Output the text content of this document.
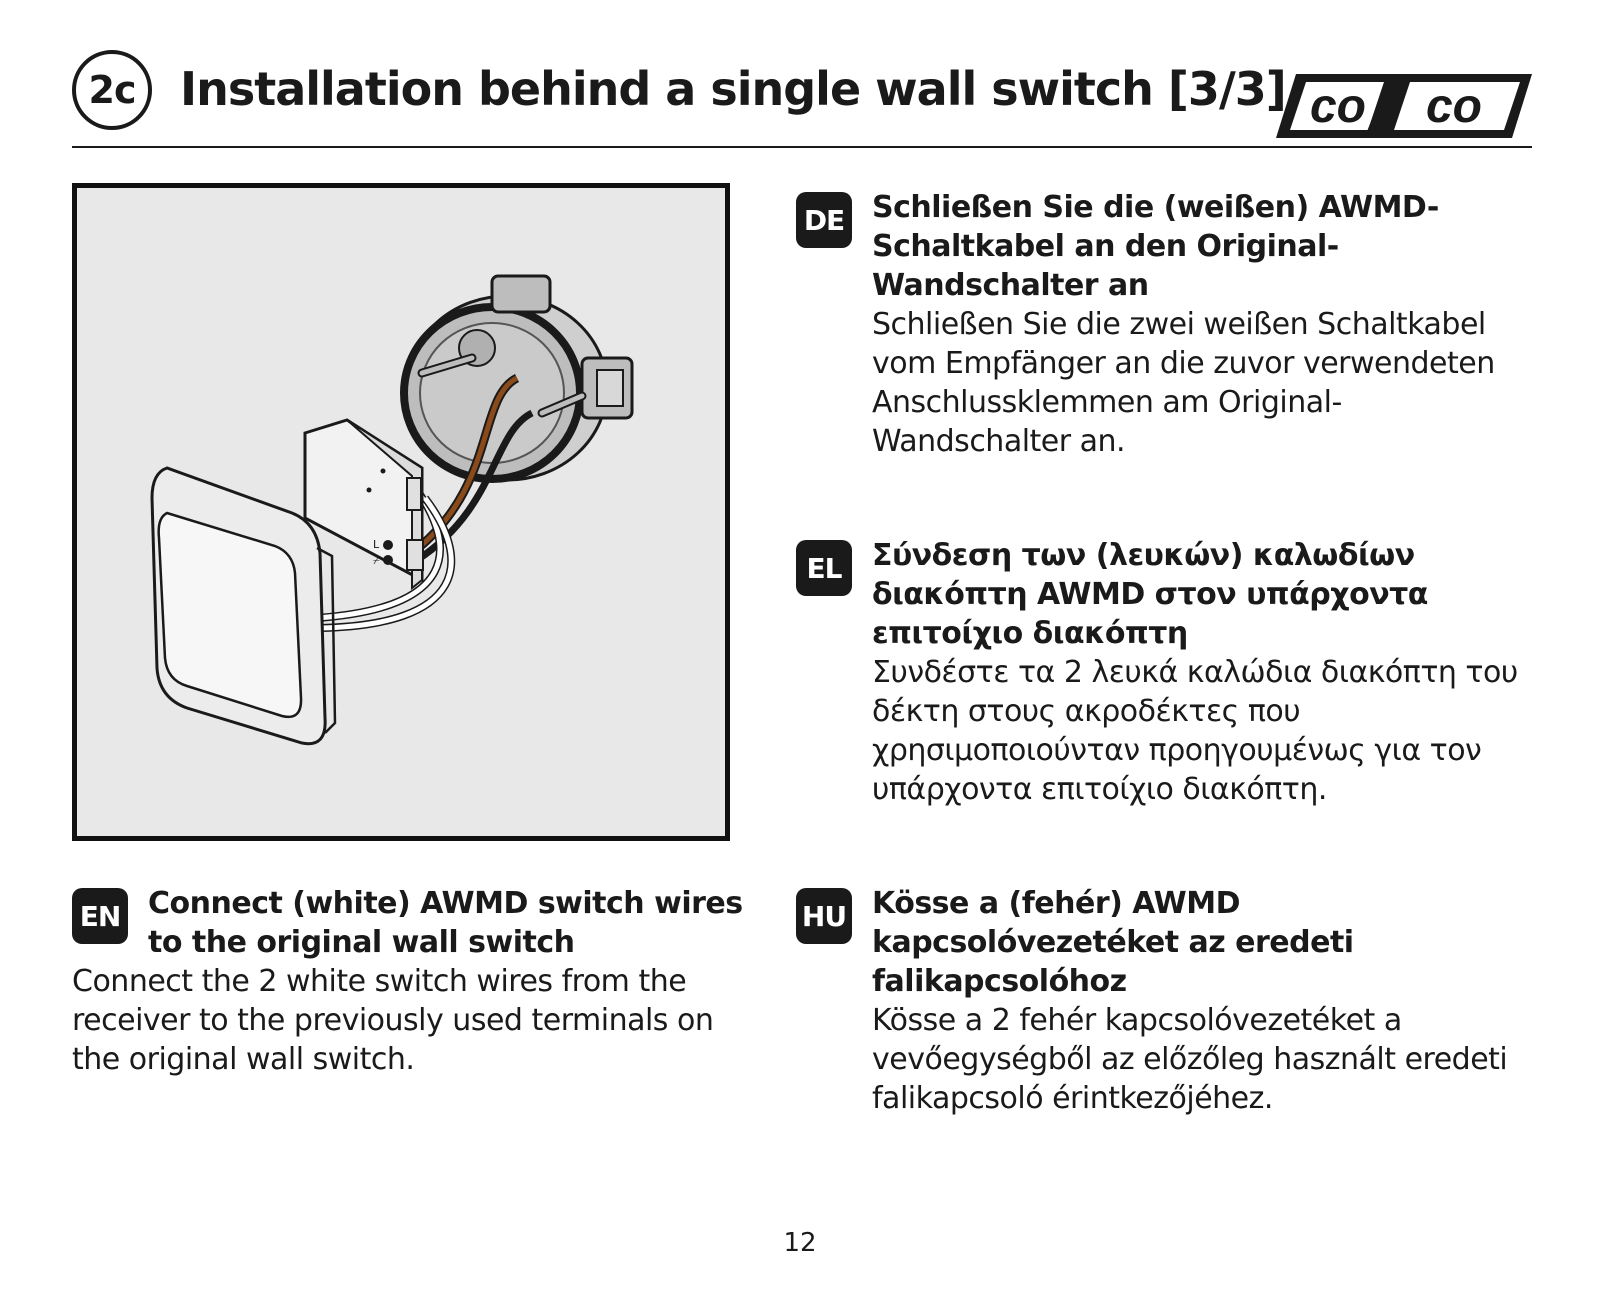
2c Installation behind a single wall switch [3/3] co co
L
⌿
DE Schließen Sie die (weißen) AWMD-Schaltkabel an den Original-Wandschalter an
Schließen Sie die zwei weißen Schaltkabel vom Empfänger an die zuvor verwendeten Anschlussklemmen am Original-Wandschalter an.
EL	Σύνδεση των (λευκών) καλωδίων διακόπτη AWMD στον υπάρχοντα επιτοίχιο διακόπτη
Συνδέστε τα 2 λευκά καλώδια διακόπτη του δέκτη στους ακροδέκτες που χρησιμοποιούνταν προηγουμένως για τον υπάρχοντα επιτοίχιο διακόπτη.
EN Connect (white) AWMD switch wires to the original wall switch
Connect the 2 white switch wires from the receiver to the previously used terminals on the original wall switch.
HU Kösse a (fehér) AWMD kapcsolóvezetéket az eredeti falikapcsolóhoz
Kösse a 2 fehér kapcsolóvezetéket a vevőegységből az előzőleg használt eredeti falikapcsoló érintkezőjéhez.
12
